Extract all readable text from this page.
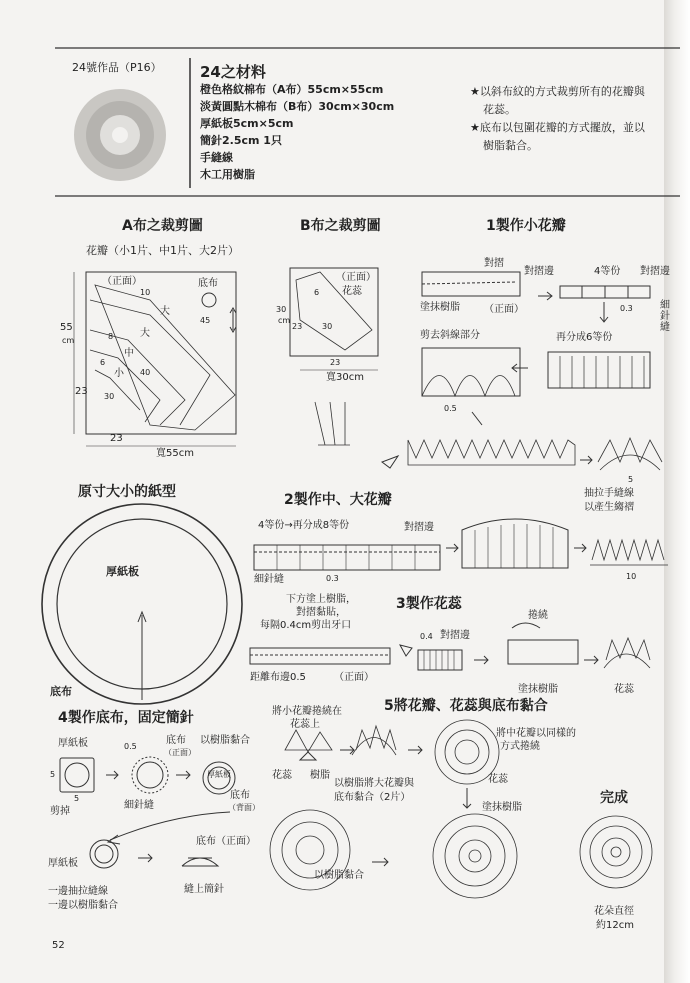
24號作品（P16）	24之材料
橙色格紋棉布（A布）55cm×55cm
淡黃圓點木棉布（B布）30cm×30cm
厚紙板5cm×5cm
簡針2.5cm 1只
手縫線
木工用樹脂
★以斜布紋的方式裁剪所有的花瓣與
花蕊。
★底布以包圍花瓣的方式擺放，並以
樹脂黏合。
A布之裁剪圖
花瓣（小1片、中1片、大2片）
（正面）	底布
55
cm
寬55cm
23
23
10
8
6
30
40
45
大
大
中
小
B布之裁剪圖
（正面）
花蕊
30
cm
23
6
30
23
寬30cm
1製作小花瓣
對摺
對摺邊
塗抹樹脂 （正面）
4等份 對摺邊
細針縫
0.3
再分成6等份
剪去斜線部分
0.5
5
抽拉手縫線
以產生縐褶
原寸大小的紙型
厚紙板
底布
2製作中、大花瓣
4等份→再分成8等份	對摺邊
細針縫	0.3	10
下方塗上樹脂，
對摺黏貼，
每隔0.4cm剪出牙口
3製作花蕊
距離布邊0.5	（正面）
0.4 對摺邊
捲繞
塗抹樹脂	花蕊
4製作底布，固定簡針
厚紙板	0.5
底布
（正面）
以樹脂黏合
厚紙板
底布
（背面）
5
5
剪掉
細針縫
底布（正面）
厚紙板
一邊抽拉縫線
一邊以樹脂黏合
縫上簡針
將小花瓣捲繞在
花蕊上
5將花瓣、花蕊與底布黏合
花蕊 樹脂
將中花瓣以同樣的
方式捲繞
花蕊
以樹脂將大花瓣與
底布黏合（2片）
塗抹樹脂
以樹脂黏合
完成
花朵直徑
約12cm
52
